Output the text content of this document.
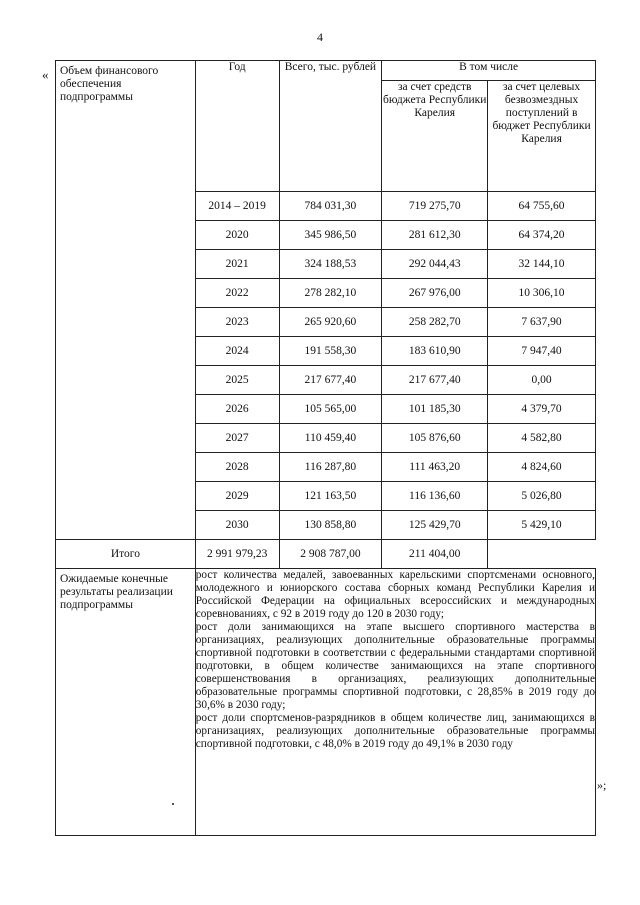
4
« Объем финансового обеспечения подпрограммы	Год	Всего, тыс. рублей	В том числе	
			за счет средств бюджета Республики Карелия	за счет целевых безвозмездных поступлений в бюджет Республики Карелия
	2014 – 2019	784 031,30	719 275,70	64 755,60
	2020	345 986,50	281 612,30	64 374,20
	2021	324 188,53	292 044,43	32 144,10
	2022	278 282,10	267 976,00	10 306,10
	2023	265 920,60	258 282,70	7 637,90
	2024	191 558,30	183 610,90	7 947,40
	2025	217 677,40	217 677,40	0,00
	2026	105 565,00	101 185,30	4 379,70
	2027	110 459,40	105 876,60	4 582,80
	2028	116 287,80	111 463,20	4 824,60
	2029	121 163,50	116 136,60	5 026,80
	2030	130 858,80	125 429,70	5 429,10
Итого	2 991 979,23	2 908 787,00	211 404,00	
Ожидаемые конечные результаты реализации подпрограммы	рост количества медалей, завоеванных карельскими спортсменами основного, молодежного и юниорского состава сборных команд Республики Карелия и Российской Федерации на официальных всероссийских и международных соревнованиях, с 92 в 2019 году до 120 в 2030 году;
рост доли занимающихся на этапе высшего спортивного мастерства в организациях, реализующих дополнительные образовательные программы спортивной подготовки в соответствии с федеральными стандартами спортивной подготовки, в общем количестве занимающихся на этапе спортивного совершенствования в организациях, реализующих дополнительные образовательные программы спортивной подготовки, с 28,85% в 2019 году до 30,6% в 2030 году;
рост доли спортсменов-разрядников в общем количестве лиц, занимающихся в организациях, реализующих дополнительные образовательные программы спортивной подготовки, с 48,0% в 2019 году до 49,1% в 2030 году			
»;
